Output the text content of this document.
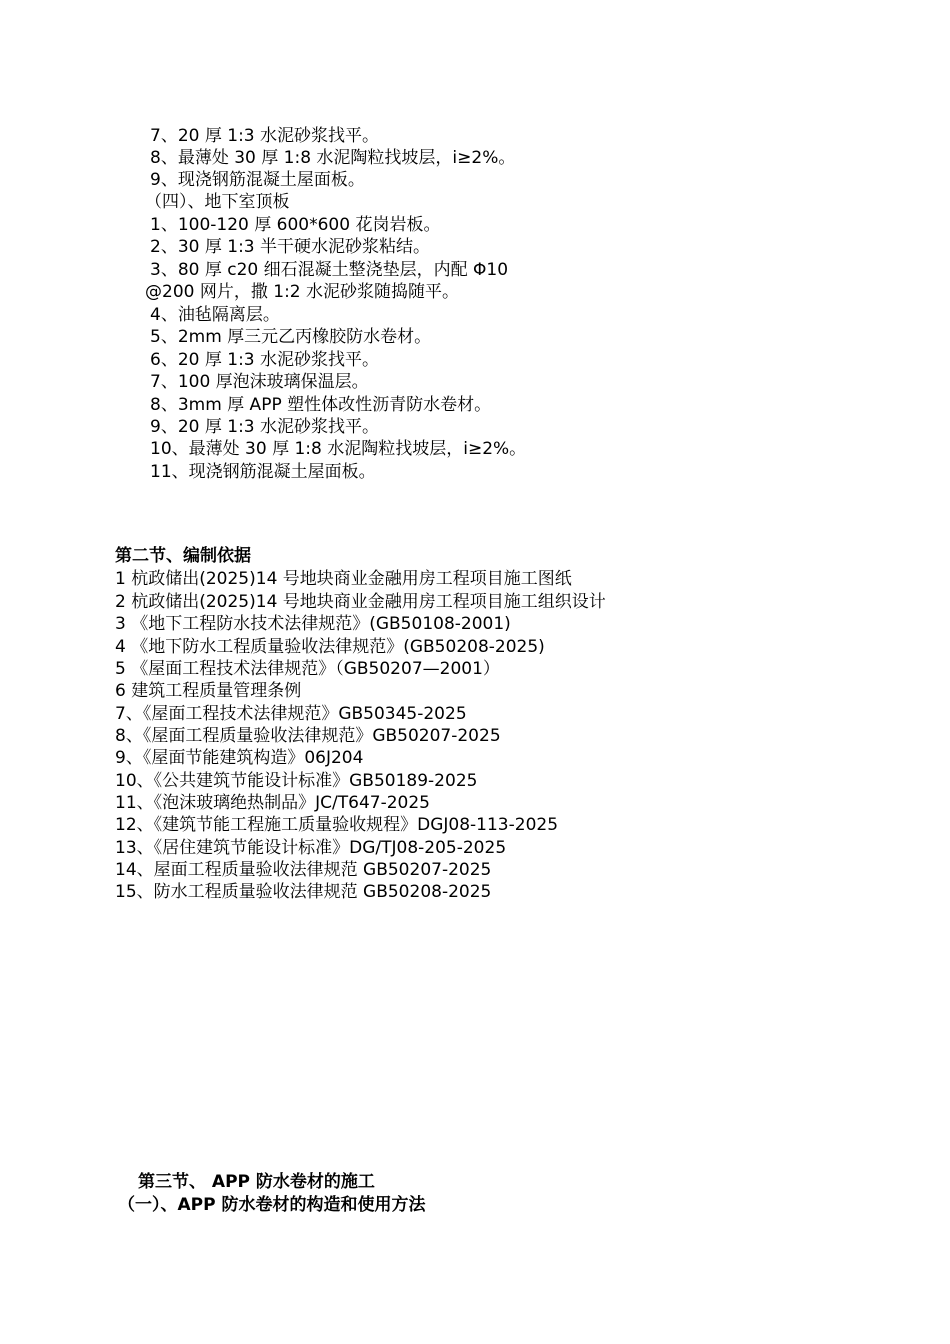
7、20 厚 1:3 水泥砂浆找平。
8、最薄处 30 厚 1:8 水泥陶粒找坡层，i≥2%。
9、现浇钢筋混凝土屋面板。
（四）、地下室顶板
1、100-120 厚 600*600 花岗岩板。
2、30 厚 1:3 半干硬水泥砂浆粘结。
3、80 厚 c20 细石混凝土整浇垫层，内配 Φ10
@200 网片，撒 1:2 水泥砂浆随捣随平。
4、油毡隔离层。
5、2mm 厚三元乙丙橡胶防水卷材。
6、20 厚 1:3 水泥砂浆找平。
7、100 厚泡沫玻璃保温层。
8、3mm 厚 APP 塑性体改性沥青防水卷材。
9、20 厚 1:3 水泥砂浆找平。
10、最薄处 30 厚 1:8 水泥陶粒找坡层，i≥2%。
11、现浇钢筋混凝土屋面板。
第二节、编制依据
1 杭政储出(2025)14 号地块商业金融用房工程项目施工图纸
2 杭政储出(2025)14 号地块商业金融用房工程项目施工组织设计
3 《地下工程防水技术法律规范》(GB50108-2001)
4 《地下防水工程质量验收法律规范》(GB50208-2025)
5 《屋面工程技术法律规范》（GB50207—2001）
6 建筑工程质量管理条例
7、《屋面工程技术法律规范》GB50345-2025
8、《屋面工程质量验收法律规范》GB50207-2025
9、《屋面节能建筑构造》06J204
10、《公共建筑节能设计标准》GB50189-2025
11、《泡沫玻璃绝热制品》JC/T647-2025
12、《建筑节能工程施工质量验收规程》DGJ08-113-2025
13、《居住建筑节能设计标准》DG/TJ08-205-2025
14、屋面工程质量验收法律规范 GB50207-2025
15、防水工程质量验收法律规范 GB50208-2025
第三节、 APP 防水卷材的施工
（一）、APP 防水卷材的构造和使用方法
